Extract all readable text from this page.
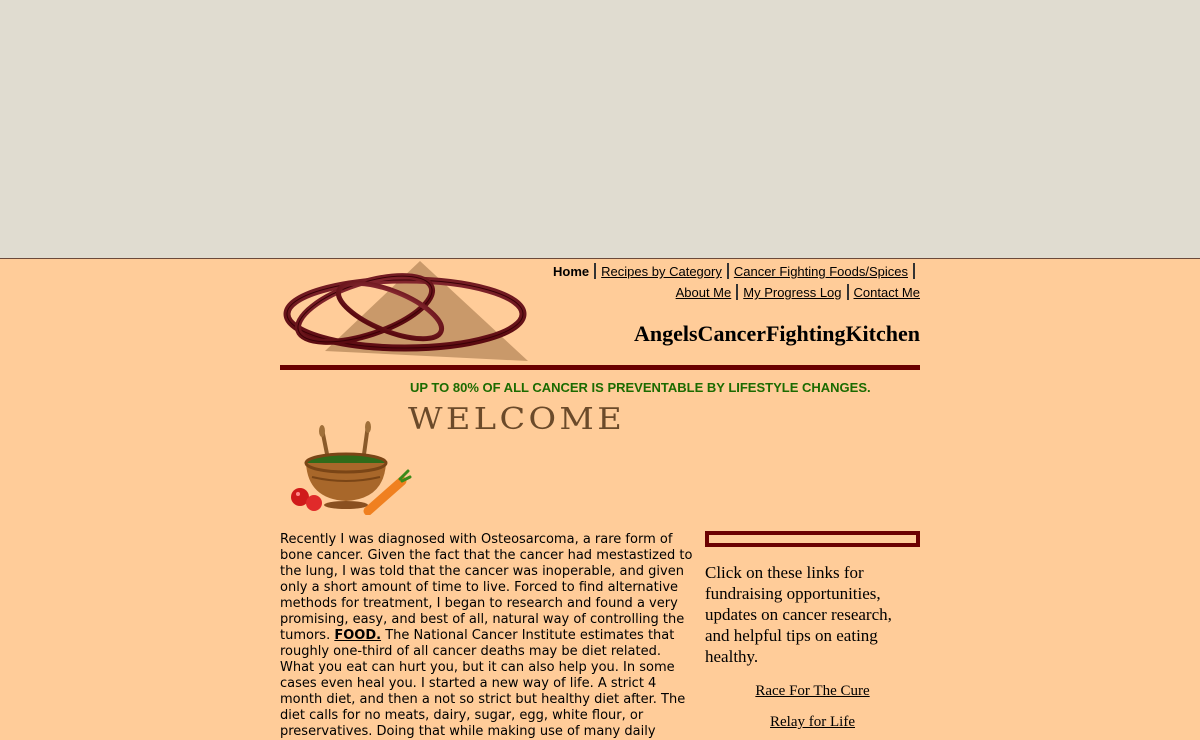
Home Recipes by Category Cancer Fighting Foods/Spices
About Me My Progress Log Contact Me
AngelsCancerFightingKitchen
UP TO 80% OF ALL CANCER IS PREVENTABLE BY LIFESTYLE CHANGES.
WELCOME
Recently I was diagnosed with Osteosarcoma, a rare form of bone cancer. Given the fact that the cancer had mestastized to the lung, I was told that the cancer was inoperable, and given only a short amount of time to live. Forced to find alternative methods for treatment, I began to research and found a very promising, easy, and best of all, natural way of controlling the tumors. FOOD. The National Cancer Institute estimates that roughly one-third of all cancer deaths may be diet related. What you eat can hurt you, but it can also help you. In some cases even heal you. I started a new way of life. A strict 4 month diet, and then a not so strict but healthy diet after. The diet calls for no meats, dairy, sugar, egg, white flour, or preservatives. Doing that while making use of many daily
Click on these links for fundraising opportunities, updates on cancer research, and helpful tips on eating healthy.
Race For The Cure
Relay for Life
